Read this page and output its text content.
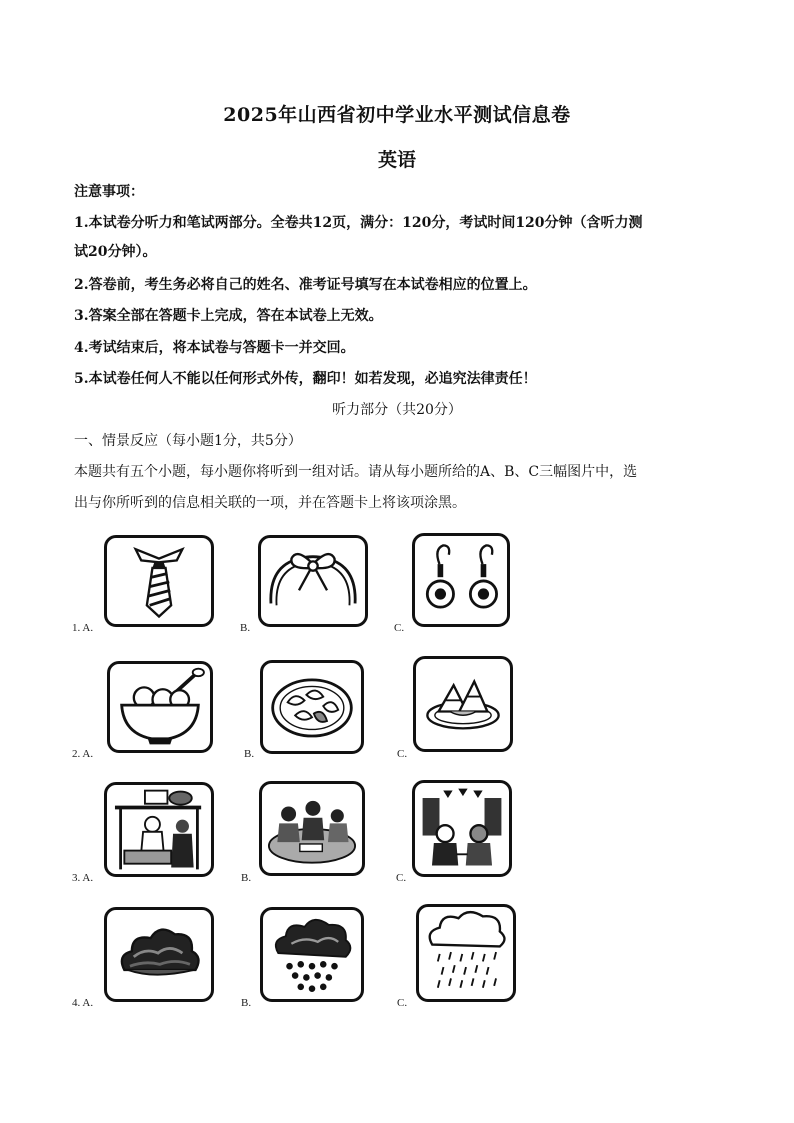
2025年山西省初中学业水平测试信息卷
英语
注意事项：
1.本试卷分听力和笔试两部分。全卷共12页，满分：120分，考试时间120分钟（含听力测
试20分钟）。
2.答卷前，考生务必将自己的姓名、准考证号填写在本试卷相应的位置上。
3.答案全部在答题卡上完成，答在本试卷上无效。
4.考试结束后，将本试卷与答题卡一并交回。
5.本试卷任何人不能以任何形式外传，翻印！如若发现，必追究法律责任！
听力部分（共20分）
一、情景反应（每小题1分，共5分）
本题共有五个小题，每小题你将听到一组对话。请从每小题所给的A、B、C三幅图片中，选
出与你所听到的信息相关联的一项，并在答题卡上将该项涂黑。
1. A.	B.	C.
2. A.	B.	C.
3. A.	B.	C.
4. A.	B.	C.
